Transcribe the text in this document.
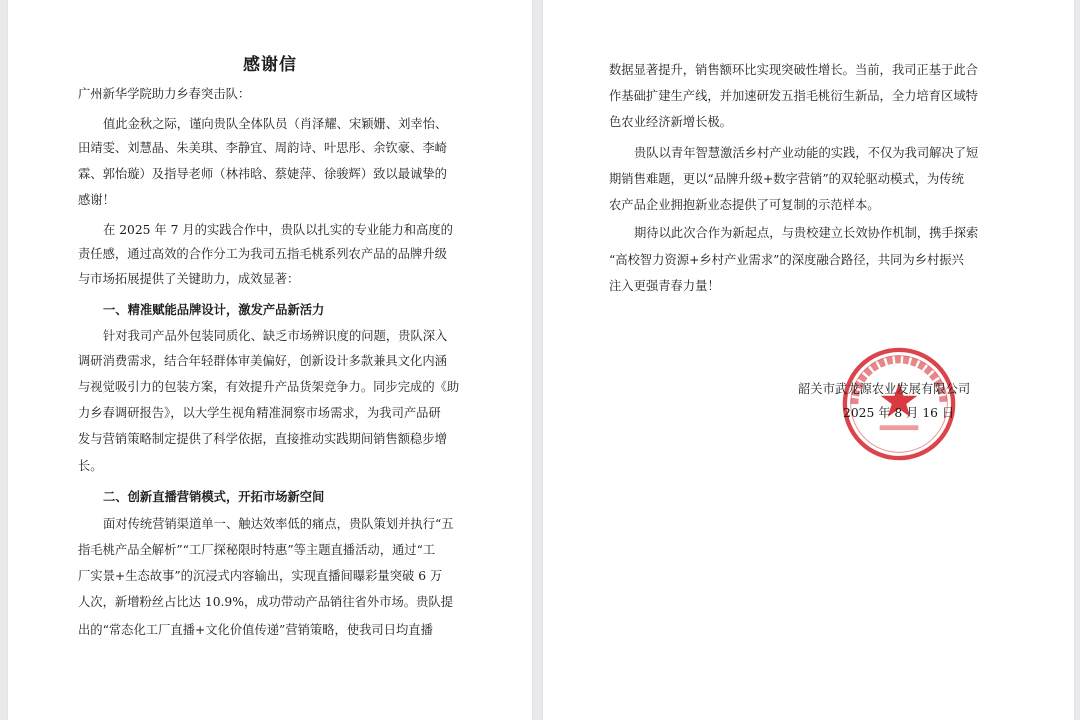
感谢信
广州新华学院助力乡春突击队：
值此金秋之际，谨向贵队全体队员（肖泽耀、宋颖姗、刘幸怡、
田靖雯、刘慧晶、朱美琪、李静宜、周韵诗、叶思彤、余钦豪、李崎
霖、郭怡璇）及指导老师（林祎晗、蔡婕萍、徐骏辉）致以最诚挚的
感谢！
在 2025 年 7 月的实践合作中，贵队以扎实的专业能力和高度的
责任感，通过高效的合作分工为我司五指毛桃系列农产品的品牌升级
与市场拓展提供了关键助力，成效显著：
一、精准赋能品牌设计，激发产品新活力
针对我司产品外包装同质化、缺乏市场辨识度的问题，贵队深入
调研消费需求，结合年轻群体审美偏好，创新设计多款兼具文化内涵
与视觉吸引力的包装方案，有效提升产品货架竞争力。同步完成的《助
力乡春调研报告》，以大学生视角精准洞察市场需求，为我司产品研
发与营销策略制定提供了科学依据，直接推动实践期间销售额稳步增
长。
二、创新直播营销模式，开拓市场新空间
面对传统营销渠道单一、触达效率低的痛点，贵队策划并执行“五
指毛桃产品全解析”“工厂探秘限时特惠”等主题直播活动，通过“工
厂实景+生态故事”的沉浸式内容输出，实现直播间曝彩量突破 6 万
人次，新增粉丝占比达 10.9%，成功带动产品销往省外市场。贵队提
出的“常态化工厂直播+文化价值传递”营销策略，使我司日均直播
数据显著提升，销售额环比实现突破性增长。当前，我司正基于此合
作基础扩建生产线，并加速研发五指毛桃衍生新品，全力培育区域特
色农业经济新增长极。
贵队以青年智慧激活乡村产业动能的实践，不仅为我司解决了短
期销售难题，更以“品牌升级+数字营销”的双轮驱动模式，为传统
农产品企业拥抱新业态提供了可复制的示范样本。
期待以此次合作为新起点，与贵校建立长效协作机制，携手探索
“高校智力资源+乡村产业需求”的深度融合路径，共同为乡村振兴
注入更强青春力量！
韶关市武龙源农业发展有限公司
2025 年 8 月 16 日
